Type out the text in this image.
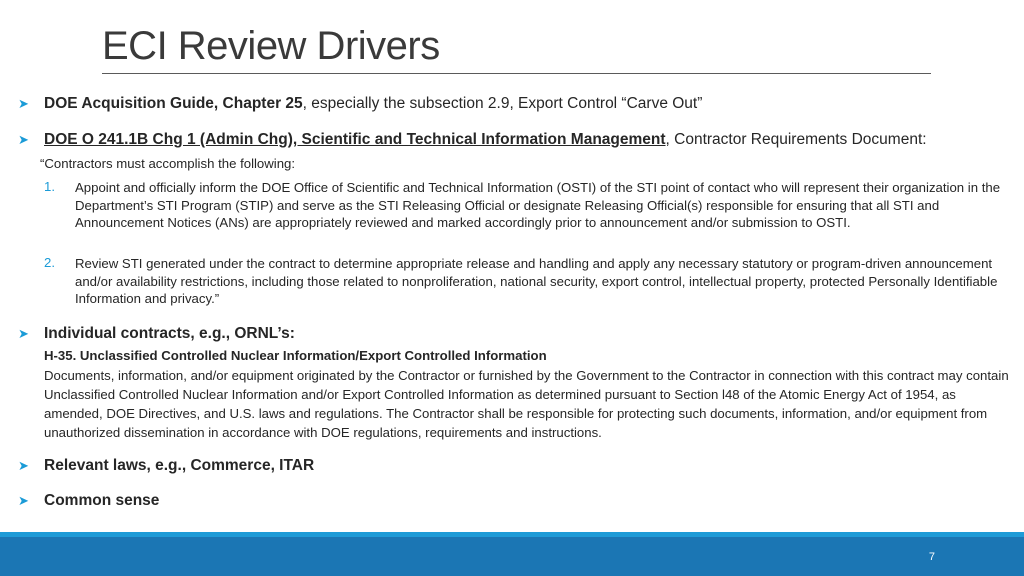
ECI Review Drivers
➤ DOE Acquisition Guide, Chapter 25, especially the subsection 2.9, Export Control “Carve Out”
➤ DOE O 241.1B Chg 1 (Admin Chg), Scientific and Technical Information Management, Contractor Requirements Document:
“Contractors must accomplish the following:
1. Appoint and officially inform the DOE Office of Scientific and Technical Information (OSTI) of the STI point of contact who will represent their organization in the Department’s STI Program (STIP) and serve as the STI Releasing Official or designate Releasing Official(s) responsible for ensuring that all STI and Announcement Notices (ANs) are appropriately reviewed and marked accordingly prior to announcement and/or submission to OSTI.
2. Review STI generated under the contract to determine appropriate release and handling and apply any necessary statutory or program-driven announcement and/or availability restrictions, including those related to nonproliferation, national security, export control, intellectual property, protected Personally Identifiable Information and privacy.”
➤ Individual contracts, e.g., ORNL’s:
H-35. Unclassified Controlled Nuclear Information/Export Controlled Information
Documents, information, and/or equipment originated by the Contractor or furnished by the Government to the Contractor in connection with this contract may contain Unclassified Controlled Nuclear Information and/or Export Controlled Information as determined pursuant to Section l48 of the Atomic Energy Act of 1954, as amended, DOE Directives, and U.S. laws and regulations. The Contractor shall be responsible for protecting such documents, information, and/or equipment from unauthorized dissemination in accordance with DOE regulations, requirements and instructions.
➤ Relevant laws, e.g., Commerce, ITAR
➤ Common sense
7
